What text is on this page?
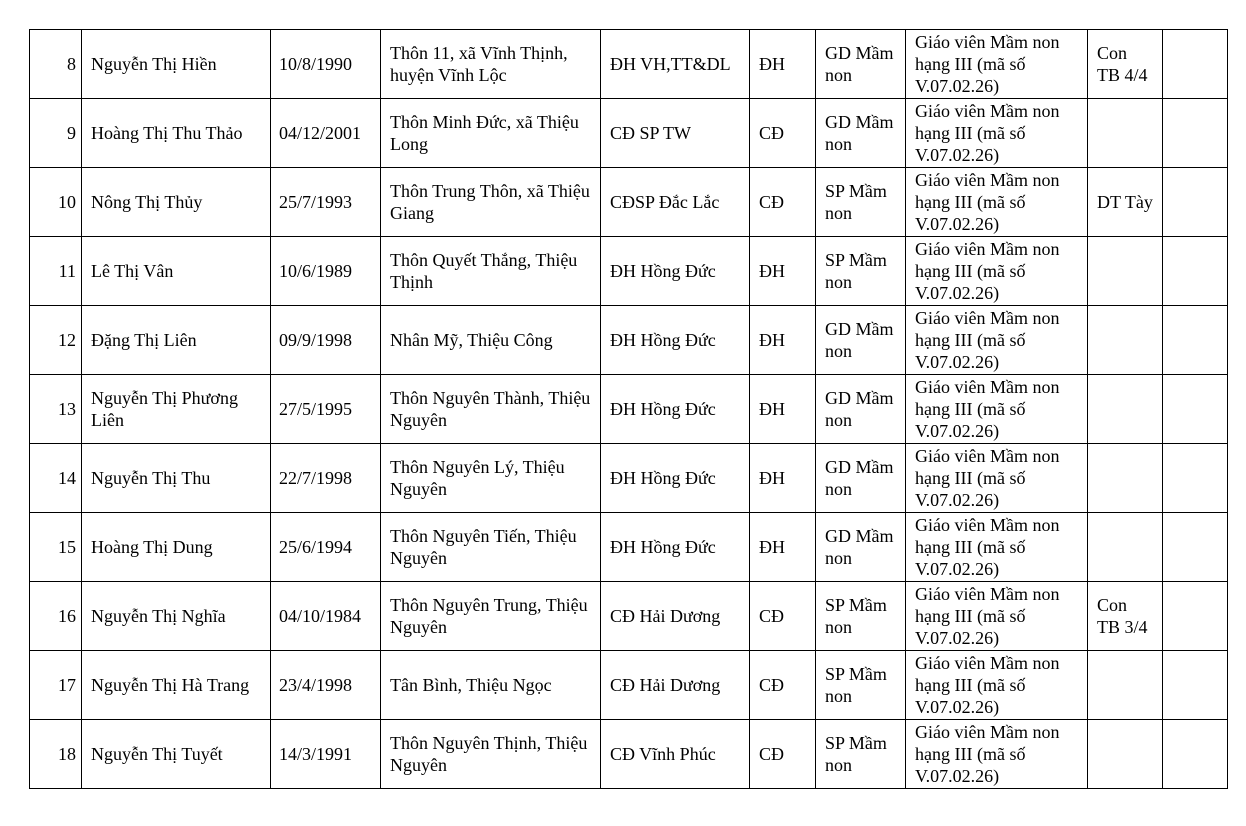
8	Nguyễn Thị Hiền	10/8/1990	Thôn 11, xã Vĩnh Thịnh, huyện Vĩnh Lộc	ĐH VH,TT&DL	ĐH	GD Mầm non	Giáo viên Mầm non hạng III (mã số V.07.02.26)	Con TB 4/4	
9	Hoàng Thị Thu Thảo	04/12/2001	Thôn Minh Đức, xã Thiệu Long	CĐ SP TW	CĐ	GD Mầm non	Giáo viên Mầm non hạng III (mã số V.07.02.26)		
10	Nông Thị Thủy	25/7/1993	Thôn Trung Thôn, xã Thiệu Giang	CĐSP Đắc Lắc	CĐ	SP Mầm non	Giáo viên Mầm non hạng III (mã số V.07.02.26)	DT Tày	
11	Lê Thị Vân	10/6/1989	Thôn Quyết Thắng, Thiệu Thịnh	ĐH Hồng Đức	ĐH	SP Mầm non	Giáo viên Mầm non hạng III (mã số V.07.02.26)		
12	Đặng Thị Liên	09/9/1998	Nhân Mỹ, Thiệu Công	ĐH Hồng Đức	ĐH	GD Mầm non	Giáo viên Mầm non hạng III (mã số V.07.02.26)		
13	Nguyễn Thị Phương Liên	27/5/1995	Thôn Nguyên Thành, Thiệu Nguyên	ĐH Hồng Đức	ĐH	GD Mầm non	Giáo viên Mầm non hạng III (mã số V.07.02.26)		
14	Nguyễn Thị Thu	22/7/1998	Thôn Nguyên Lý, Thiệu Nguyên	ĐH Hồng Đức	ĐH	GD Mầm non	Giáo viên Mầm non hạng III (mã số V.07.02.26)		
15	Hoàng Thị Dung	25/6/1994	Thôn Nguyên Tiến, Thiệu Nguyên	ĐH Hồng Đức	ĐH	GD Mầm non	Giáo viên Mầm non hạng III (mã số V.07.02.26)		
16	Nguyễn Thị Nghĩa	04/10/1984	Thôn Nguyên Trung, Thiệu Nguyên	CĐ Hải Dương	CĐ	SP Mầm non	Giáo viên Mầm non hạng III (mã số V.07.02.26)	Con TB 3/4	
17	Nguyễn Thị Hà Trang	23/4/1998	Tân Bình, Thiệu Ngọc	CĐ Hải Dương	CĐ	SP Mầm non	Giáo viên Mầm non hạng III (mã số V.07.02.26)		
18	Nguyễn Thị Tuyết	14/3/1991	Thôn Nguyên Thịnh, Thiệu Nguyên	CĐ Vĩnh Phúc	CĐ	SP Mầm non	Giáo viên Mầm non hạng III (mã số V.07.02.26)		
